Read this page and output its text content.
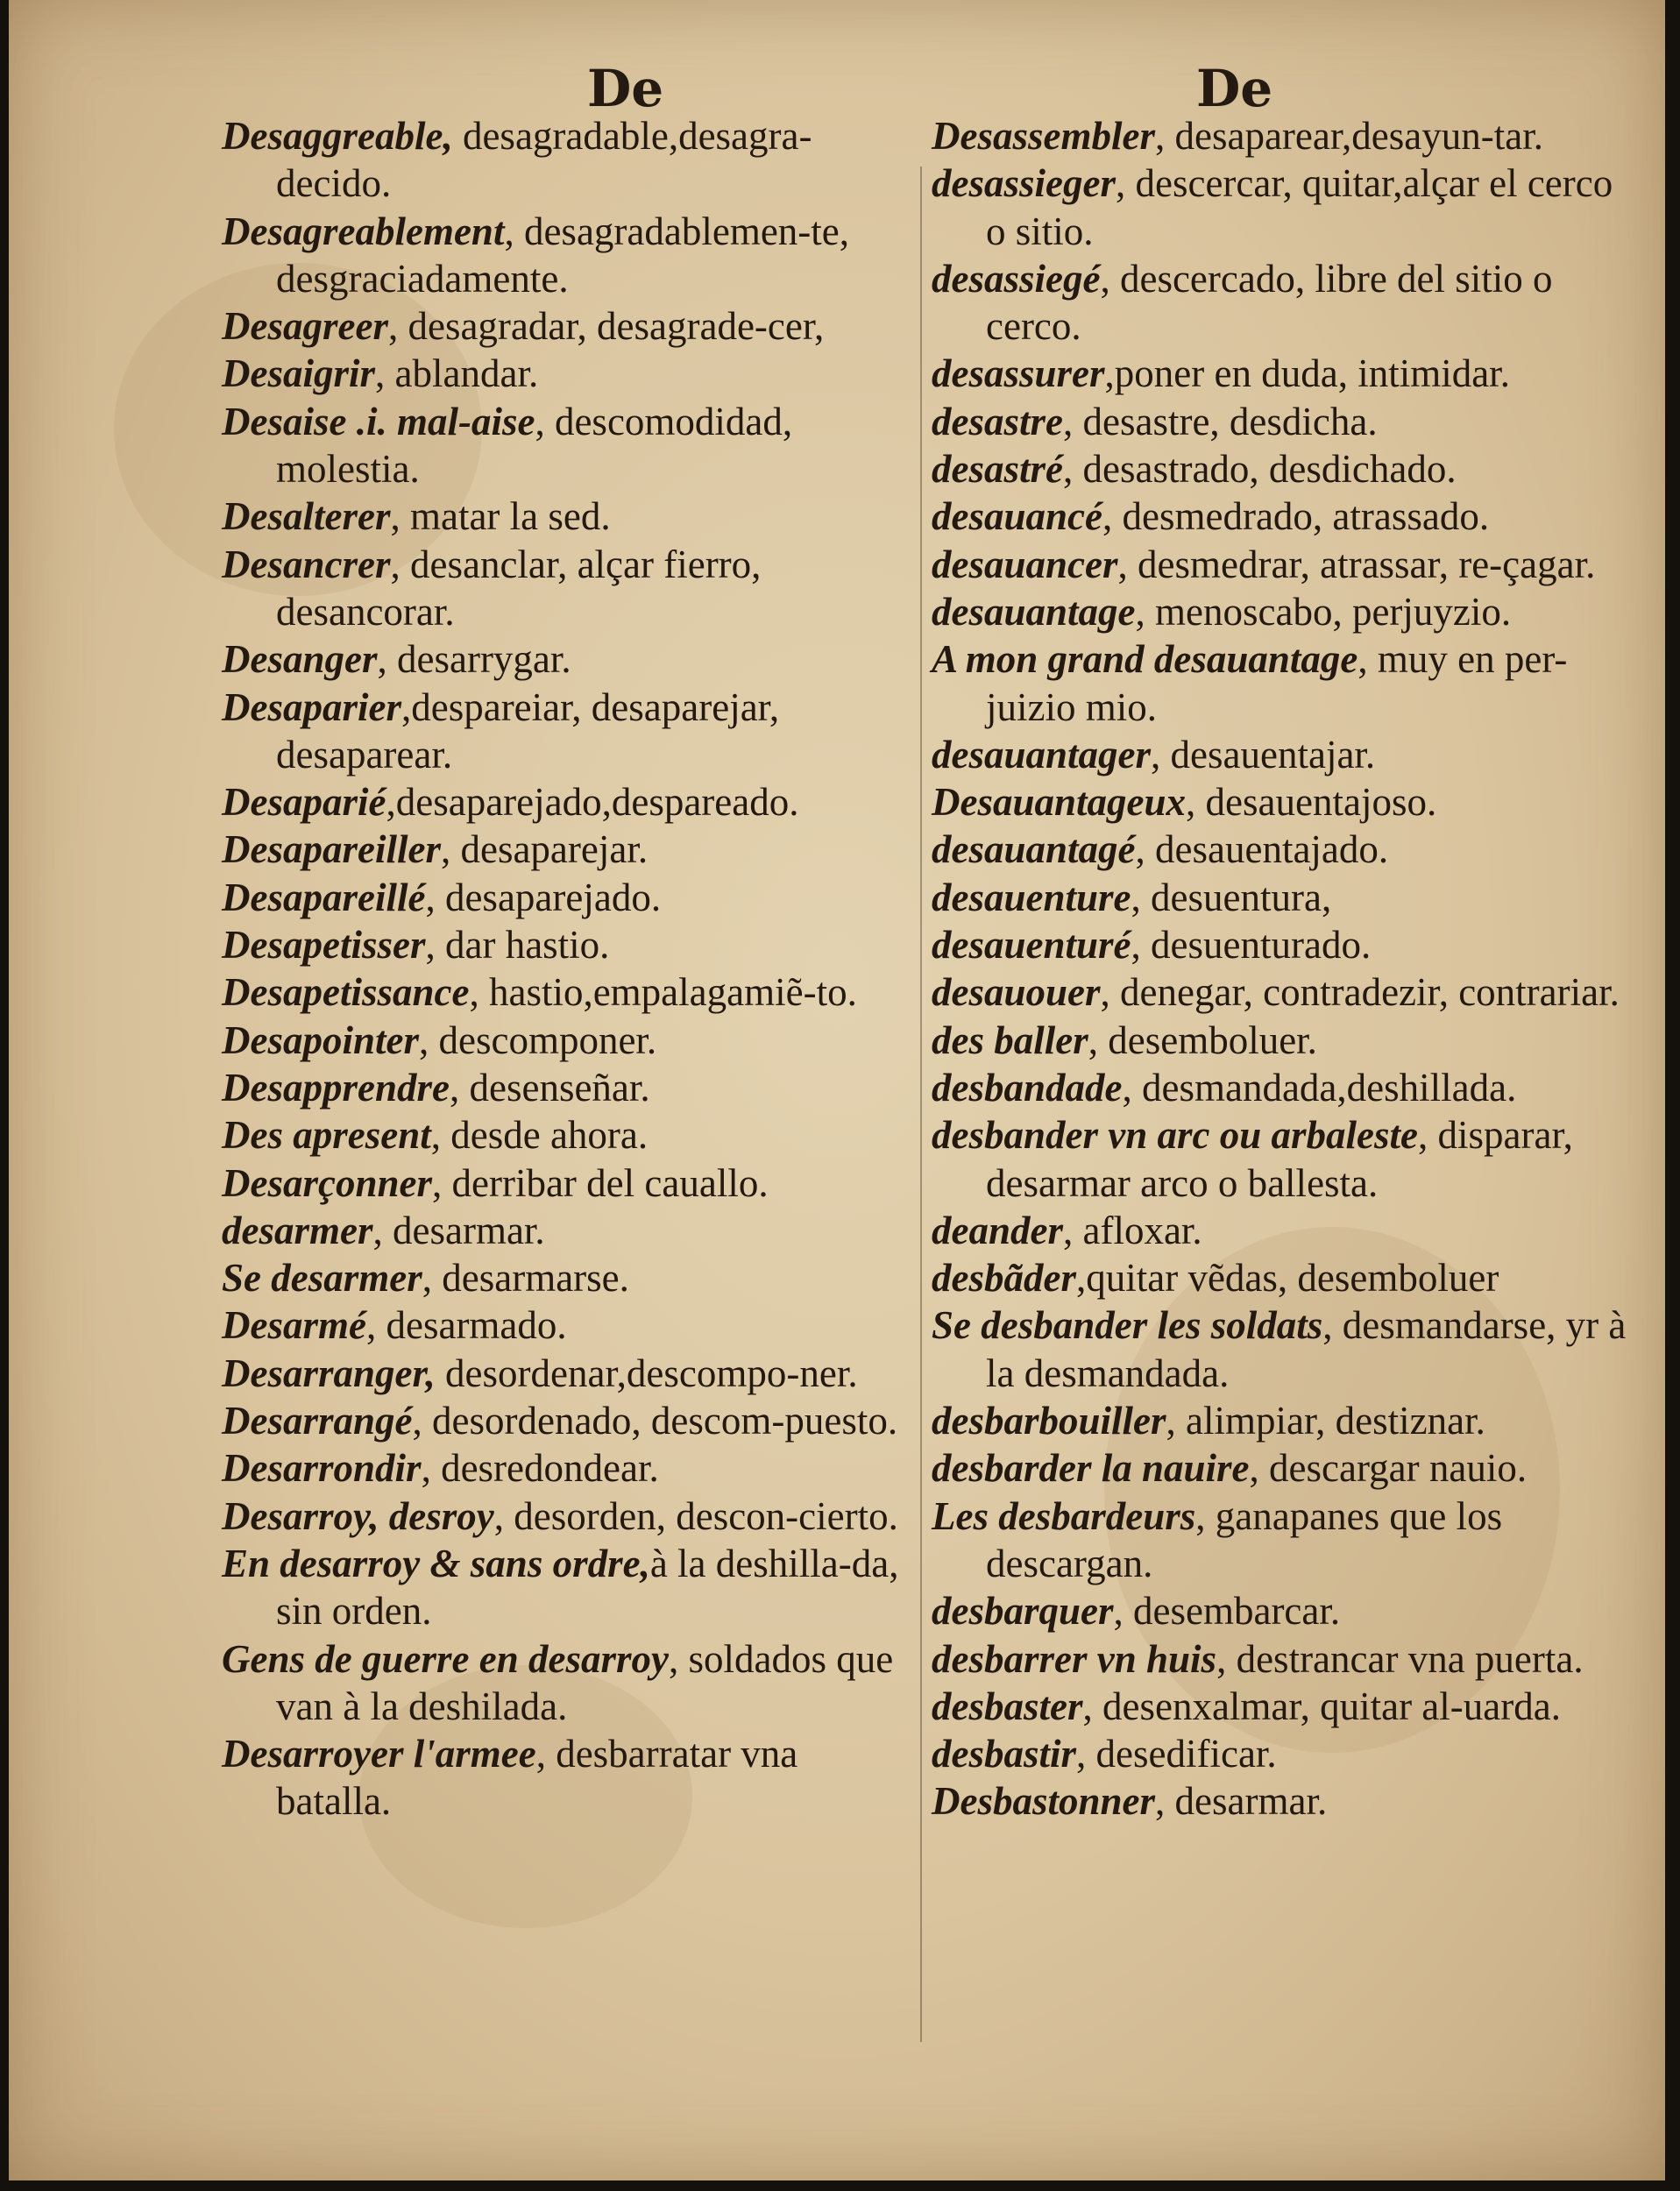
De	De

Desaggreable, desagradable,desagra-decido.

Desagreablement, desagradablemen-te, desgraciadamente.

Desagreer, desagradar, desagrade-cer,

Desaigrir, ablandar.

Desaise .i. mal-aise, descomodidad, molestia.

Desalterer, matar la sed.

Desancrer, desanclar, alçar fierro, desancorar.

Desanger, desarrygar.

Desaparier,despareiar, desaparejar, desaparear.

Desaparié,desaparejado,despareado.

Desapareiller, desaparejar.

Desapareillé, desaparejado.

Desapetisser, dar hastio.

Desapetissance, hastio,empalagamiẽ-to.

Desapointer, descomponer.

Desapprendre, desenseñar.

Des apresent, desde ahora.

Desarçonner, derribar del cauallo.

desarmer, desarmar.

Se desarmer, desarmarse.

Desarmé, desarmado.

Desarranger, desordenar,descompo-ner.

Desarrangé, desordenado, descom-puesto.

Desarrondir, desredondear.

Desarroy, desroy, desorden, descon-cierto.

En desarroy & sans ordre,à la deshilla-da, sin orden.

Gens de guerre en desarroy, soldados que van à la deshilada.

Desarroyer l'armee, desbarratar vna batalla.

Desassembler, desaparear,desayun-tar.

desassieger, descercar, quitar,alçar el cerco o sitio.

desassiegé, descercado, libre del sitio o cerco.

desassurer,poner en duda, intimidar.

desastre, desastre, desdicha.

desastré, desastrado, desdichado.

desauancé, desmedrado, atrassado.

desauancer, desmedrar, atrassar, re-çagar.

desauantage, menoscabo, perjuyzio.

A mon grand desauantage, muy en per-juizio mio.

desauantager, desauentajar.

Desauantageux, desauentajoso.

desauantagé, desauentajado.

desauenture, desuentura,

desauenturé, desuenturado.

desauouer, denegar, contradezir, contrariar.

des baller, desemboluer.

desbandade, desmandada,deshillada.

desbander vn arc ou arbaleste, disparar, desarmar arco o ballesta.

deander, afloxar.

desbãder,quitar vẽdas, desemboluer

Se desbander les soldats, desmandarse, yr à la desmandada.

desbarbouiller, alimpiar, destiznar.

desbarder la nauire, descargar nauio.

Les desbardeurs, ganapanes que los descargan.

desbarquer, desembarcar.

desbarrer vn huis, destrancar vna puerta.

desbaster, desenxalmar, quitar al-uarda.

desbastir, desedificar.

Desbastonner, desarmar.
